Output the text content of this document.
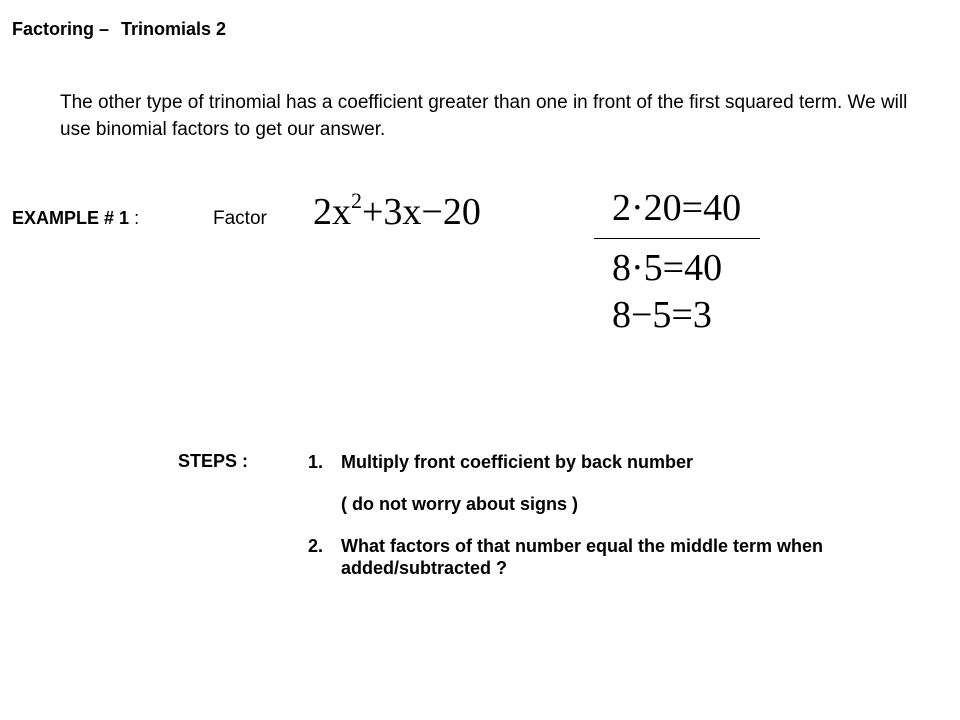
Factoring – Trinomials 2
The other type of trinomial has a coefficient greater than one in front of the first squared term. We will use binomial factors to get our answer.
EXAMPLE # 1 :	Factor $2x^2+3x-20$	2·20=40
8·5=40
8−5=3
STEPS :	1. Multiply front coefficient by back number
( do not worry about signs )
2. What factors of that number equal the middle term when added/subtracted ?
